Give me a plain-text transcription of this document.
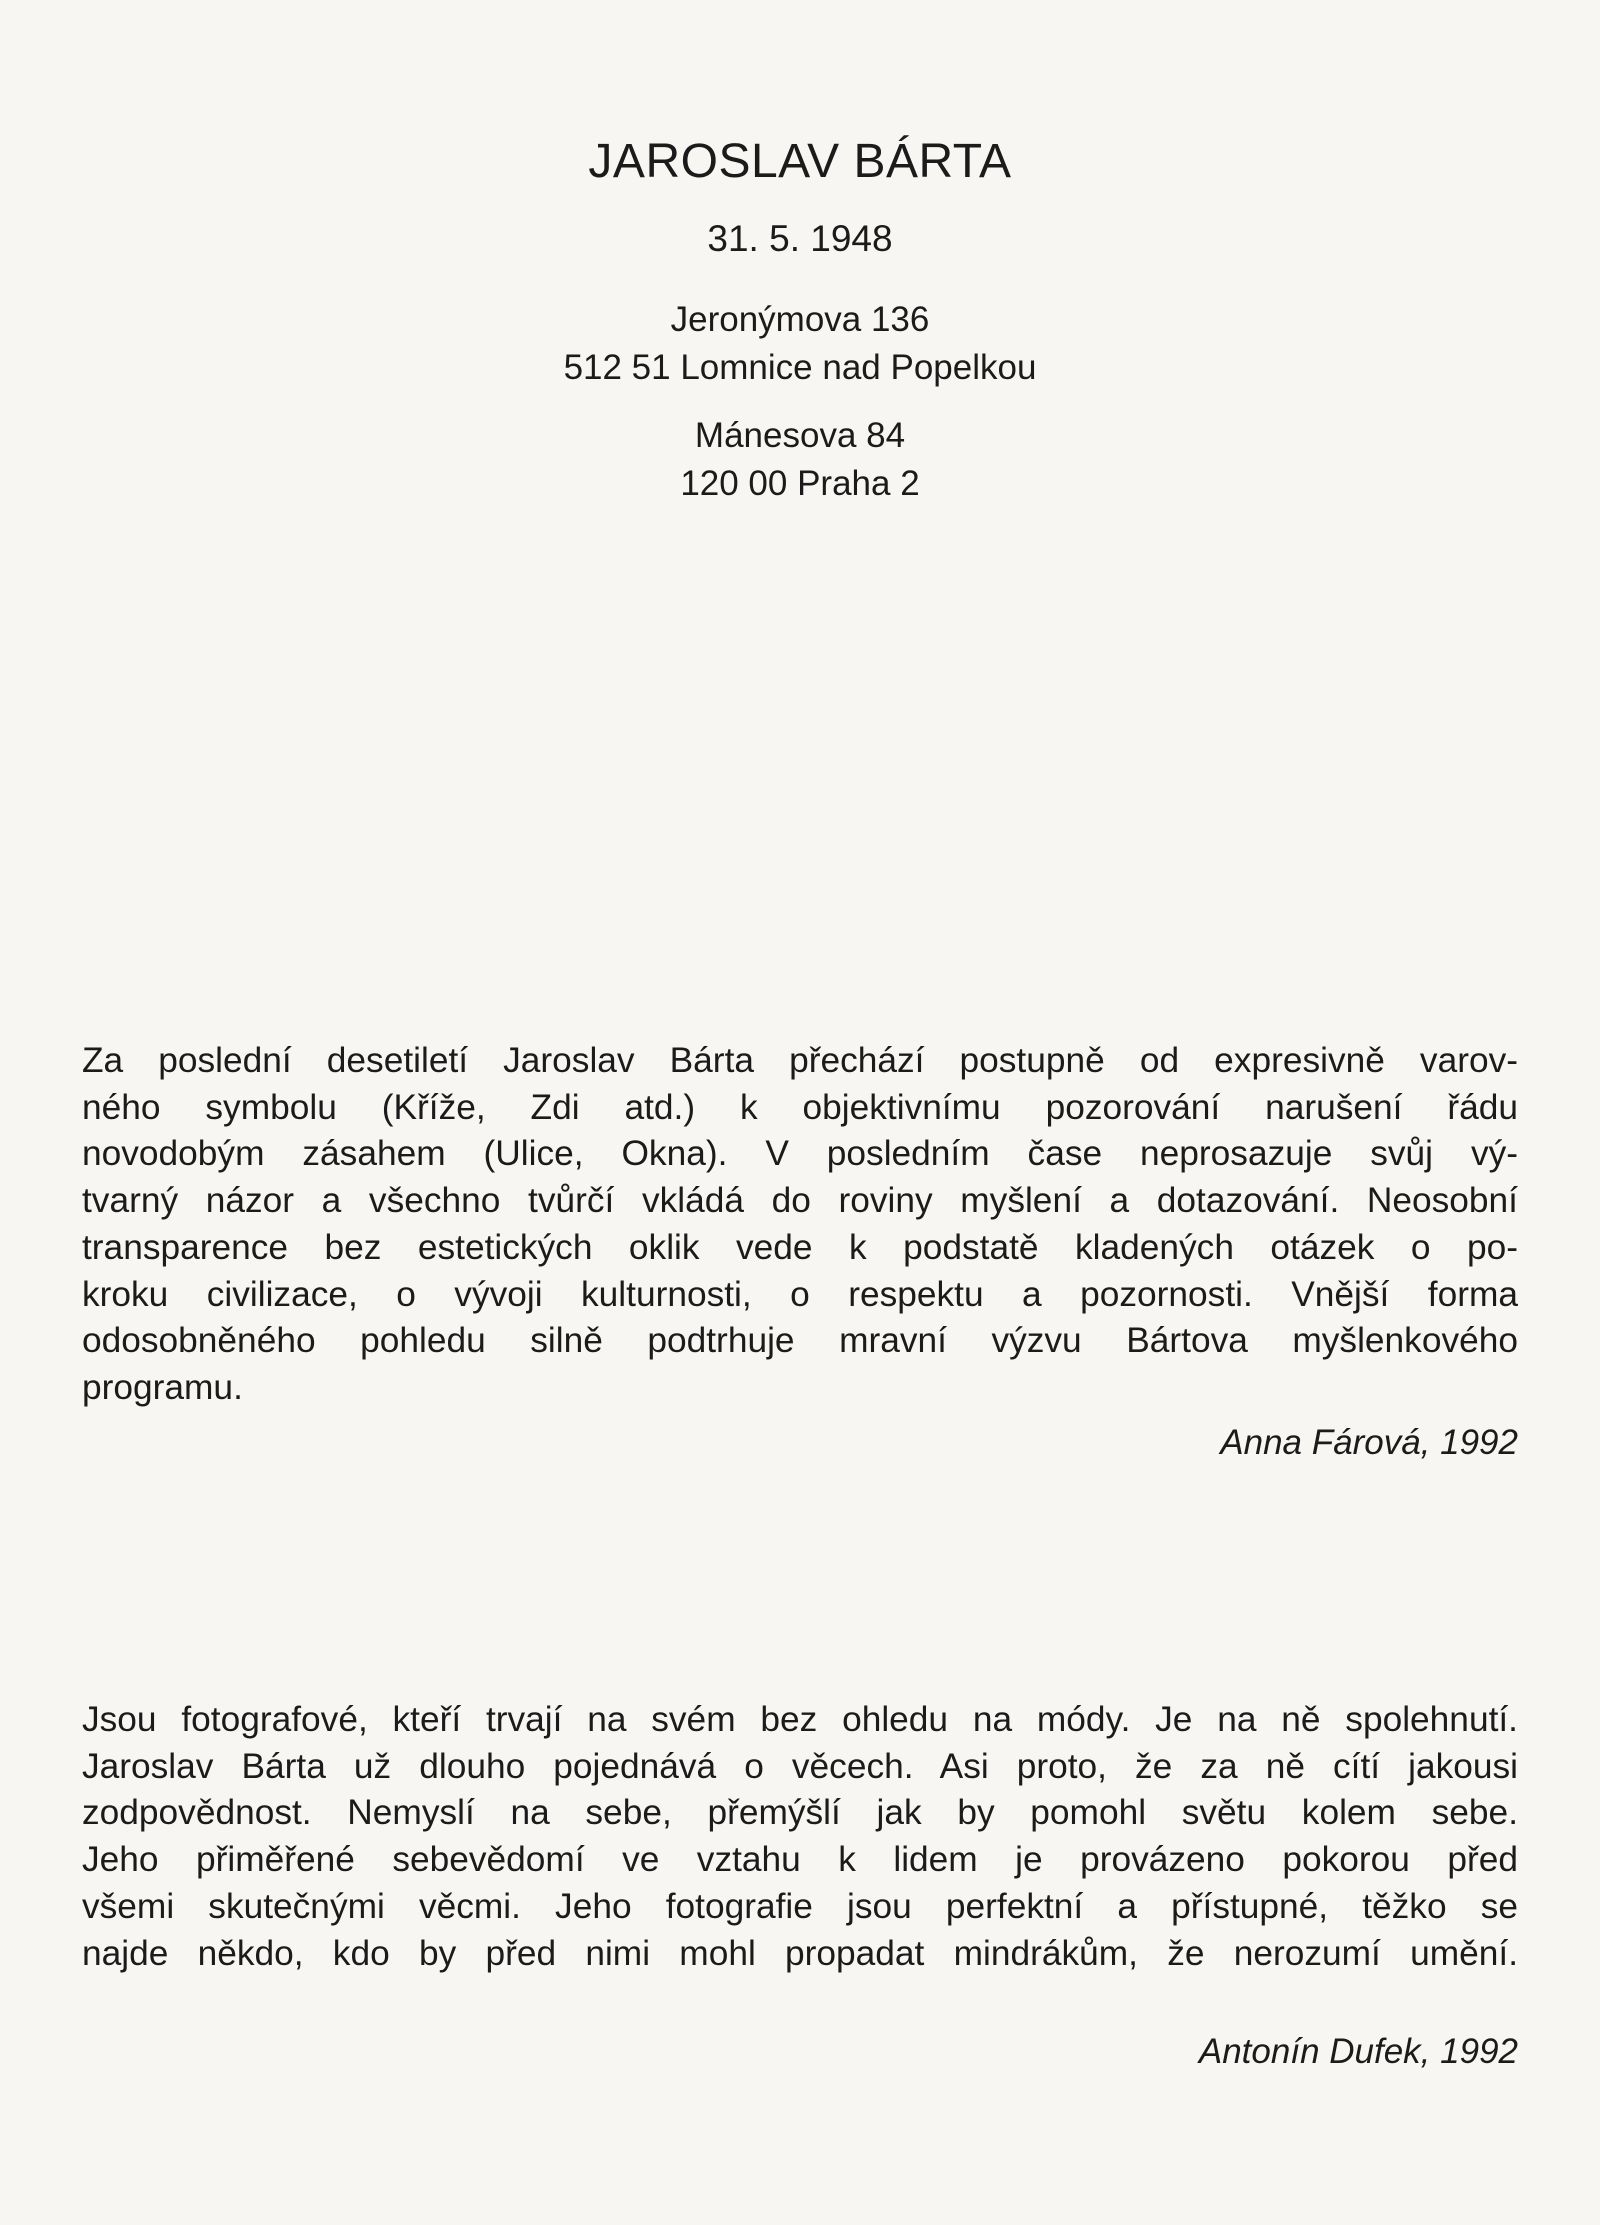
JAROSLAV BÁRTA
31. 5. 1948
Jeronýmova 136
512 51 Lomnice nad Popelkou
Mánesova 84
120 00 Praha 2

Za poslední desetiletí Jaroslav Bárta přechází postupně od expresivně varov-
ného symbolu (Kříže, Zdi atd.) k objektivnímu pozorování narušení řádu
novodobým zásahem (Ulice, Okna). V posledním čase neprosazuje svůj vý-
tvarný názor a všechno tvůrčí vkládá do roviny myšlení a dotazování. Neosobní
transparence bez estetických oklik vede k podstatě kladených otázek o po-
kroku civilizace, o vývoji kulturnosti, o respektu a pozornosti. Vnější forma
odosobněného pohledu silně podtrhuje mravní výzvu Bártova myšlenkového
programu.

Anna Fárová, 1992

Jsou fotografové, kteří trvají na svém bez ohledu na módy. Je na ně spolehnutí.
Jaroslav Bárta už dlouho pojednává o věcech. Asi proto, že za ně cítí jakousi
zodpovědnost. Nemyslí na sebe, přemýšlí jak by pomohl světu kolem sebe.
Jeho přiměřené sebevědomí ve vztahu k lidem je provázeno pokorou před
všemi skutečnými věcmi. Jeho fotografie jsou perfektní a přístupné, těžko se
najde někdo, kdo by před nimi mohl propadat mindrákům, že nerozumí umění.

Antonín Dufek, 1992
